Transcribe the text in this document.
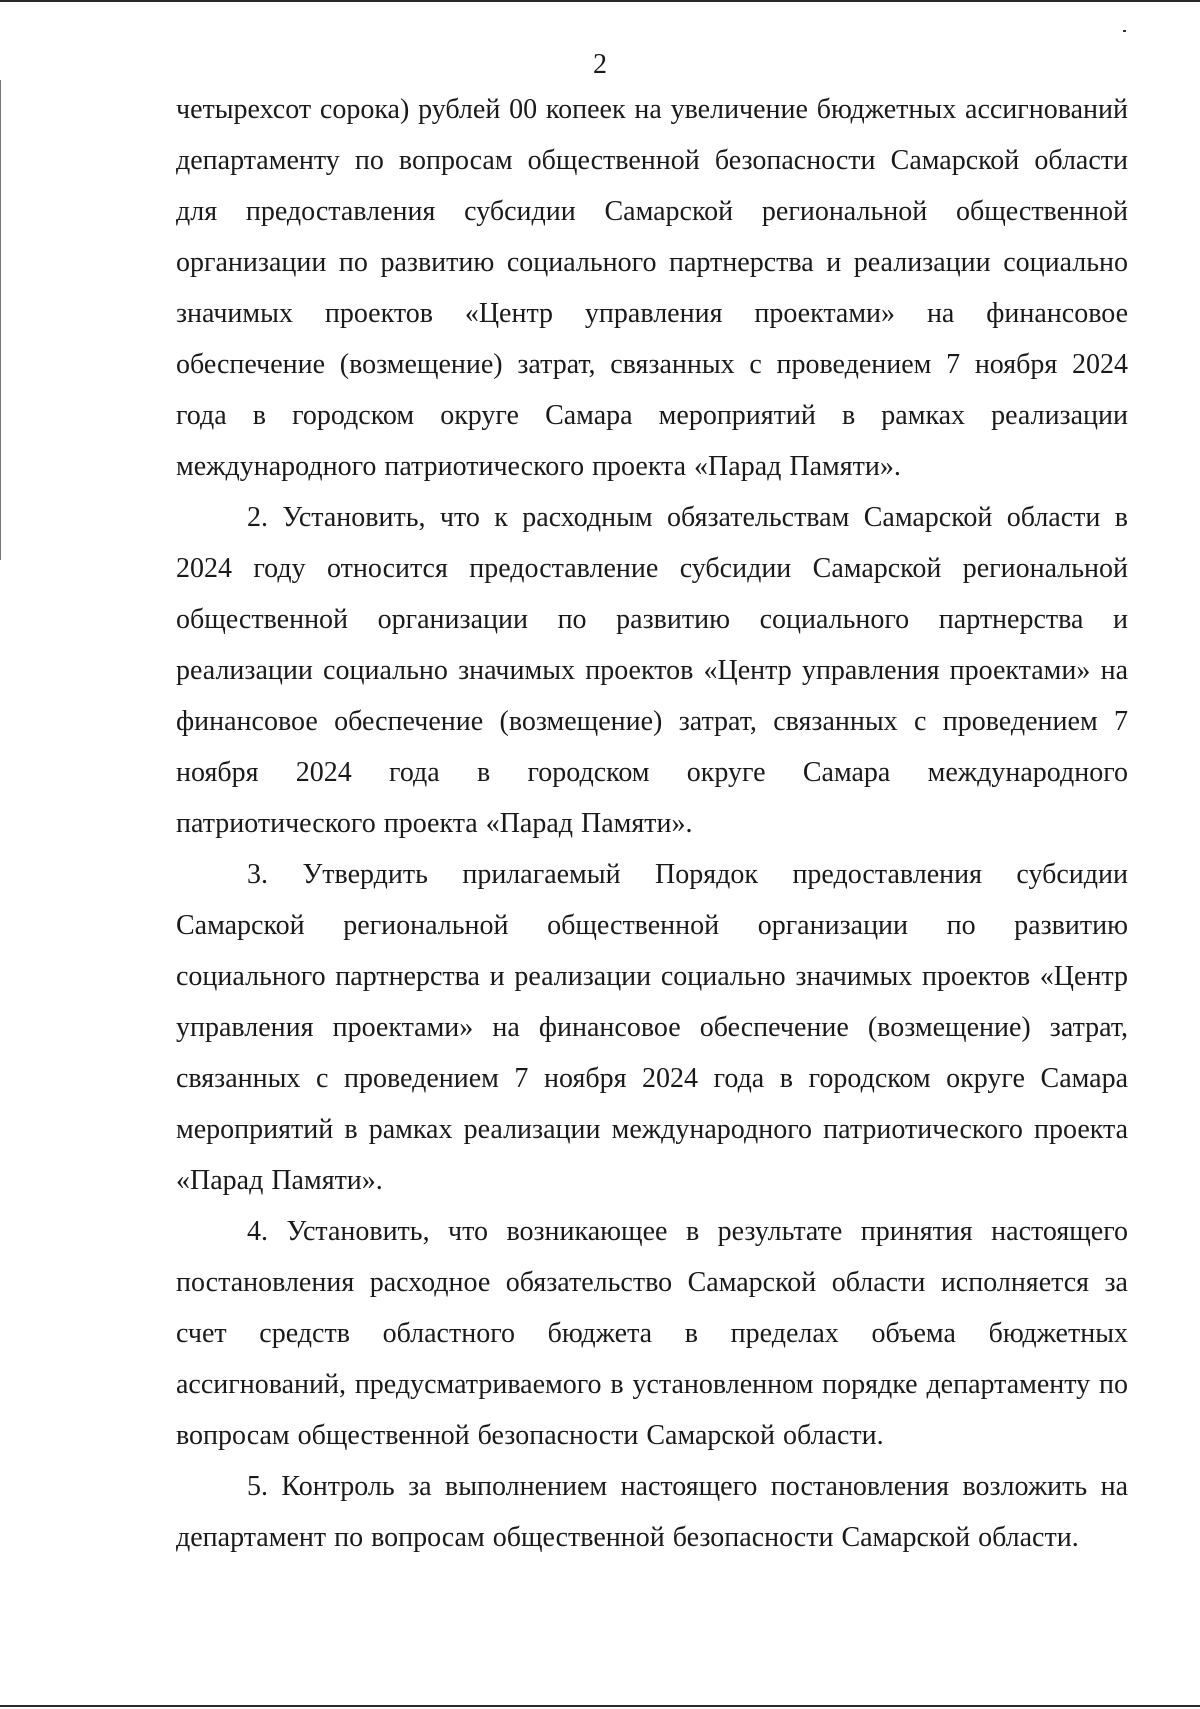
2

четырехсот сорока) рублей 00 копеек на увеличение бюджетных ассигнований департаменту по вопросам общественной безопасности Самарской области для предоставления субсидии Самарской региональной общественной организации по развитию социального партнерства и реализации социально значимых проектов «Центр управления проектами» на финансовое обеспечение (возмещение) затрат, связанных с проведением 7 ноября 2024 года в городском округе Самара мероприятий в рамках реализации международного патриотического проекта «Парад Памяти».

2. Установить, что к расходным обязательствам Самарской области в 2024 году относится предоставление субсидии Самарской региональной общественной организации по развитию социального партнерства и реализации социально значимых проектов «Центр управления проектами» на финансовое обеспечение (возмещение) затрат, связанных с проведением 7 ноября 2024 года в городском округе Самара международного патриотического проекта «Парад Памяти».

3. Утвердить прилагаемый Порядок предоставления субсидии Самарской региональной общественной организации по развитию социального партнерства и реализации социально значимых проектов «Центр управления проектами» на финансовое обеспечение (возмещение) затрат, связанных с проведением 7 ноября 2024 года в городском округе Самара мероприятий в рамках реализации международного патриотического проекта «Парад Памяти».

4. Установить, что возникающее в результате принятия настоящего постановления расходное обязательство Самарской области исполняется за счет средств областного бюджета в пределах объема бюджетных ассигнований, предусматриваемого в установленном порядке департаменту по вопросам общественной безопасности Самарской области.

5. Контроль за выполнением настоящего постановления возложить на департамент по вопросам общественной безопасности Самарской области.
